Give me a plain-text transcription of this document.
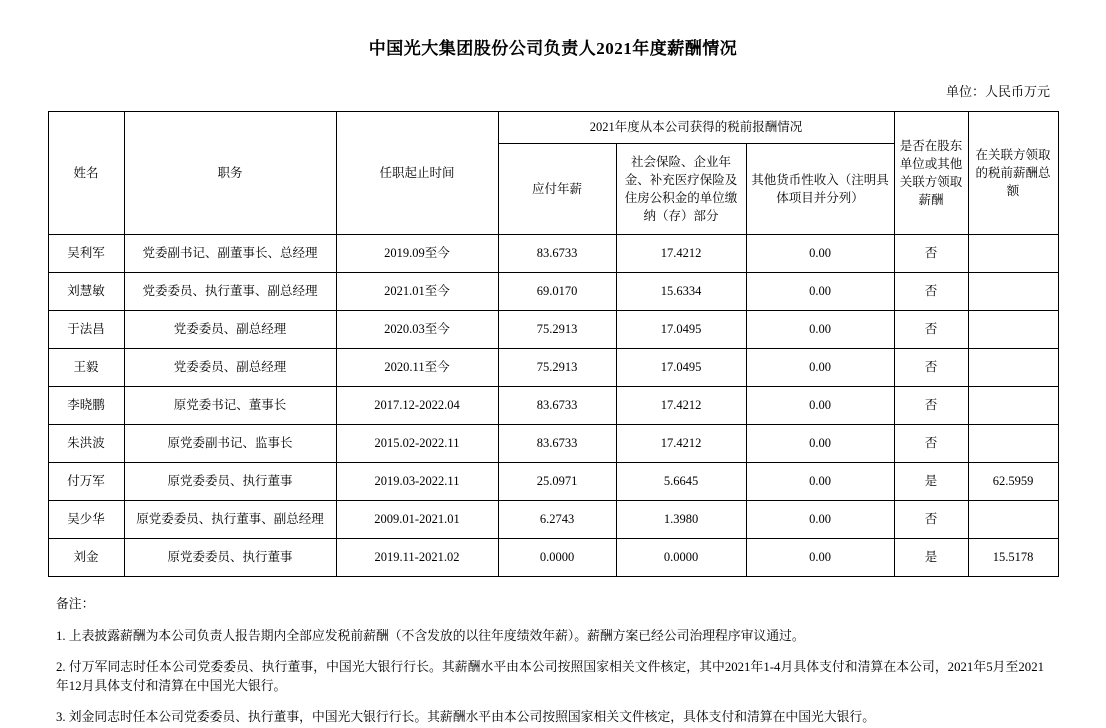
中国光大集团股份公司负责人2021年度薪酬情况
单位：人民币万元
姓名	职务	任职起止时间	2021年度从本公司获得的税前报酬情况			是否在股东单位或其他关联方领取薪酬	在关联方领取的税前薪酬总额
			应付年薪	社会保险、企业年金、补充医疗保险及住房公积金的单位缴纳（存）部分	其他货币性收入（注明具体项目并分列）		
吴利军	党委副书记、副董事长、总经理	2019.09至今	83.6733	17.4212	0.00	否	
刘慧敏	党委委员、执行董事、副总经理	2021.01至今	69.0170	15.6334	0.00	否	
于法昌	党委委员、副总经理	2020.03至今	75.2913	17.0495	0.00	否	
王毅	党委委员、副总经理	2020.11至今	75.2913	17.0495	0.00	否	
李晓鹏	原党委书记、董事长	2017.12-2022.04	83.6733	17.4212	0.00	否	
朱洪波	原党委副书记、监事长	2015.02-2022.11	83.6733	17.4212	0.00	否	
付万军	原党委委员、执行董事	2019.03-2022.11	25.0971	5.6645	0.00	是	62.5959
吴少华	原党委委员、执行董事、副总经理	2009.01-2021.01	6.2743	1.3980	0.00	否	
刘金	原党委委员、执行董事	2019.11-2021.02	0.0000	0.0000	0.00	是	15.5178
备注：
1. 上表披露薪酬为本公司负责人报告期内全部应发税前薪酬（不含发放的以往年度绩效年薪）。薪酬方案已经公司治理程序审议通过。
2. 付万军同志时任本公司党委委员、执行董事，中国光大银行行长。其薪酬水平由本公司按照国家相关文件核定，其中2021年1-4月具体支付和清算在本公司，2021年5月至2021年12月具体支付和清算在中国光大银行。
3. 刘金同志时任本公司党委委员、执行董事，中国光大银行行长。其薪酬水平由本公司按照国家相关文件核定，具体支付和清算在中国光大银行。
